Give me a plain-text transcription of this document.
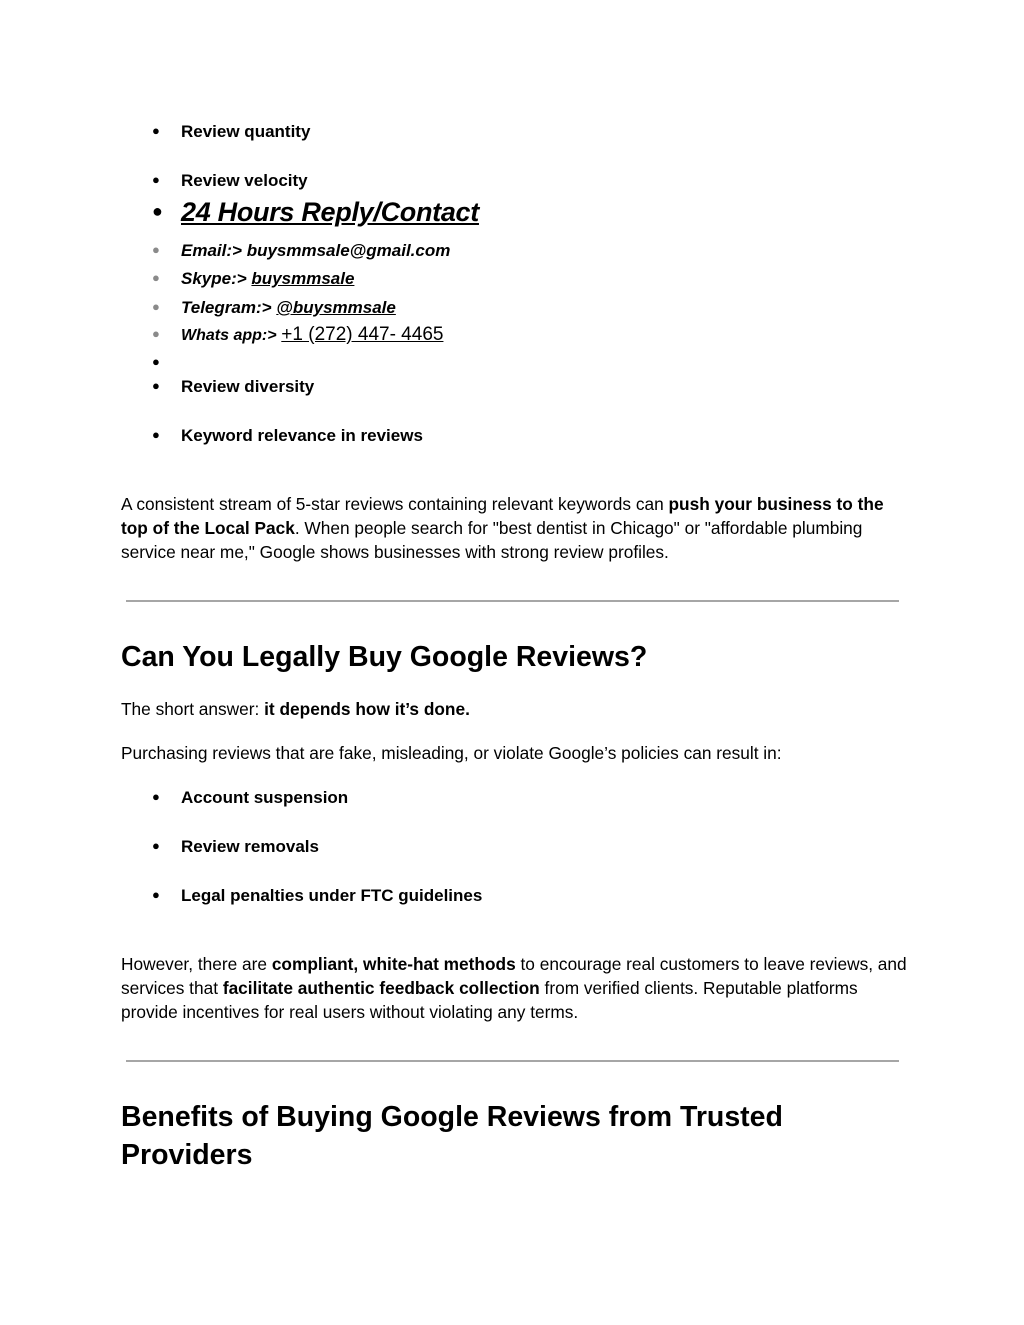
● Review quantity
● Review velocity
● 24 Hours Reply/Contact
● Email:> buysmmsale@gmail.com
● Skype:> buysmmsale
● Telegram:> @buysmmsale
● Whats app:> +1 (272) 447- 4465
●
● Review diversity
● Keyword relevance in reviews
A consistent stream of 5-star reviews containing relevant keywords can push your business to the top of the Local Pack. When people search for "best dentist in Chicago" or "affordable plumbing service near me," Google shows businesses with strong review profiles.
Can You Legally Buy Google Reviews?
The short answer: it depends how it’s done.
Purchasing reviews that are fake, misleading, or violate Google’s policies can result in:
● Account suspension
● Review removals
● Legal penalties under FTC guidelines
However, there are compliant, white-hat methods to encourage real customers to leave reviews, and services that facilitate authentic feedback collection from verified clients. Reputable platforms provide incentives for real users without violating any terms.
Benefits of Buying Google Reviews from Trusted Providers
